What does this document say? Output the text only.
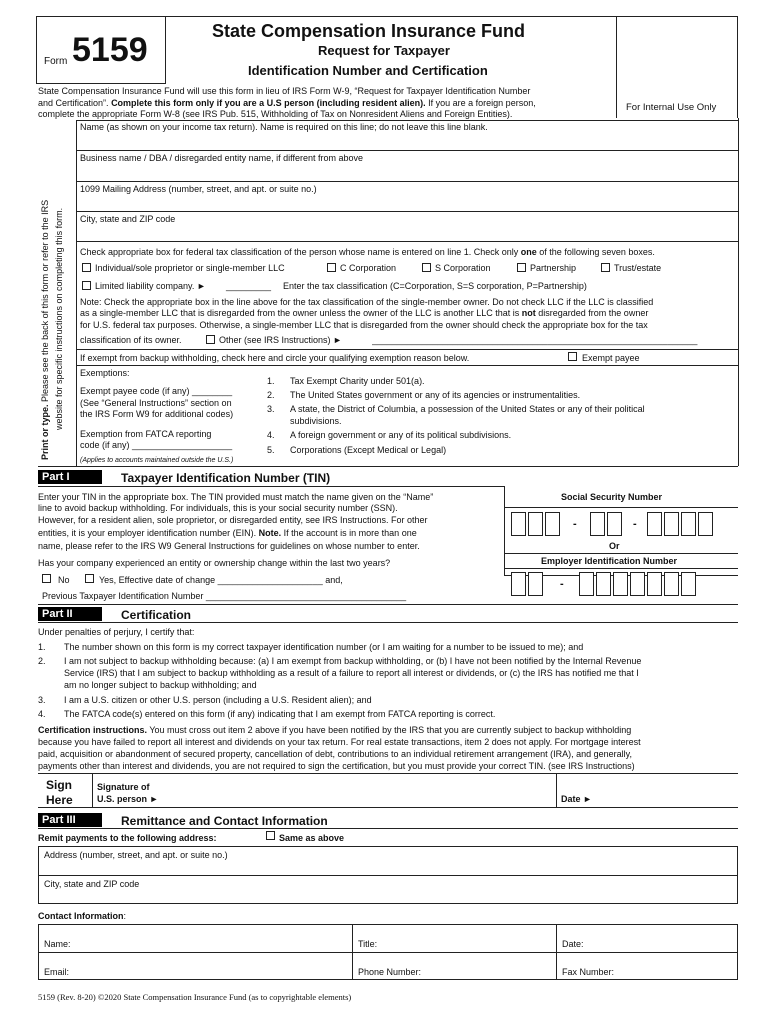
Form 5159	State Compensation Insurance Fund
Request for Taxpayer
Identification Number and Certification
For Internal Use Only
State Compensation Insurance Fund will use this form in lieu of IRS Form W-9, “Request for Taxpayer Identification Number
and Certification”. Complete this form only if you are a U.S person (including resident alien). If you are a foreign person,
complete the appropriate Form W-8 (see IRS Pub. 515, Withholding of Tax on Nonresident Aliens and Foreign Entities).
Print or type. Please see the back of this form or refer to the IRS website for specific instructions on completing this form.
Name (as shown on your income tax return). Name is required on this line; do not leave this line blank.
Business name / DBA / disregarded entity name, if different from above
1099 Mailing Address (number, street, and apt. or suite no.)
City, state and ZIP code
Check appropriate box for federal tax classification of the person whose name is entered on line 1. Check only one of the following seven boxes.
Individual/sole proprietor or single-member LLC	C Corporation	S Corporation	Partnership	Trust/estate
Limited liability company. ► _________ Enter the tax classification (C=Corporation, S=S corporation, P=Partnership)
Note: Check the appropriate box in the line above for the tax classification of the single-member owner. Do not check LLC if the LLC is classified
as a single-member LLC that is disregarded from the owner unless the owner of the LLC is another LLC that is not disregarded from the owner
for U.S. federal tax purposes. Otherwise, a single-member LLC that is disregarded from the owner should check the appropriate box for the tax
classification of its owner.	Other (see IRS Instructions) ►	_________________________________________________________________
If exempt from backup withholding, check here and circle your qualifying exemption reason below.	Exempt payee
Exemptions:
Exempt payee code (if any) ________
(See “General Instructions” section on
the IRS Form W9 for additional codes)
Exemption from FATCA reporting
code (if any) ____________________
(Applies to accounts maintained outside the U.S.)
1. Tax Exempt Charity under 501(a).
2. The United States government or any of its agencies or instrumentalities.
3. A state, the District of Columbia, a possession of the United States or any of their political
subdivisions.
4. A foreign government or any of its political subdivisions.
5. Corporations (Except Medical or Legal)
Part I	Taxpayer Identification Number (TIN)
Enter your TIN in the appropriate box. The TIN provided must match the name given on the “Name”
line to avoid backup withholding. For individuals, this is your social security number (SSN).
However, for a resident alien, sole proprietor, or disregarded entity, see IRS Instructions. For other
entities, it is your employer identification number (EIN). Note. If the account is in more than one
name, please refer to the IRS W9 General Instructions for guidelines on whose number to enter.
Social Security Number
-	-
Or
Employer Identification Number
-
Has your company experienced an entity or ownership change within the last two years?
No	Yes, Effective date of change _____________________ and,
Previous Taxpayer Identification Number ________________________________________
Part II	Certification
Under penalties of perjury, I certify that:
1. The number shown on this form is my correct taxpayer identification number (or I am waiting for a number to be issued to me); and
2. I am not subject to backup withholding because: (a) I am exempt from backup withholding, or (b) I have not been notified by the Internal Revenue
Service (IRS) that I am subject to backup withholding as a result of a failure to report all interest or dividends, or (c) the IRS has notified me that I
am no longer subject to backup withholding; and
3. I am a U.S. citizen or other U.S. person (including a U.S. Resident alien); and
4. The FATCA code(s) entered on this form (if any) indicating that I am exempt from FATCA reporting is correct.
Certification instructions. You must cross out item 2 above if you have been notified by the IRS that you are currently subject to backup withholding
because you have failed to report all interest and dividends on your tax return. For real estate transactions, item 2 does not apply. For mortgage interest
paid, acquisition or abandonment of secured property, cancellation of debt, contributions to an individual retirement arrangement (IRA), and generally,
payments other than interest and dividends, you are not required to sign the certification, but you must provide your correct TIN. (see IRS Instructions)
Sign
Here
Signature of
U.S. person ►	Date ►
Part III	Remittance and Contact Information
Remit payments to the following address:	Same as above
Address (number, street, and apt. or suite no.)
City, state and ZIP code
Contact Information:
Name:	Title:	Date:
Email:	Phone Number:	Fax Number:
5159 (Rev. 8-20) ©2020 State Compensation Insurance Fund (as to copyrightable elements)
